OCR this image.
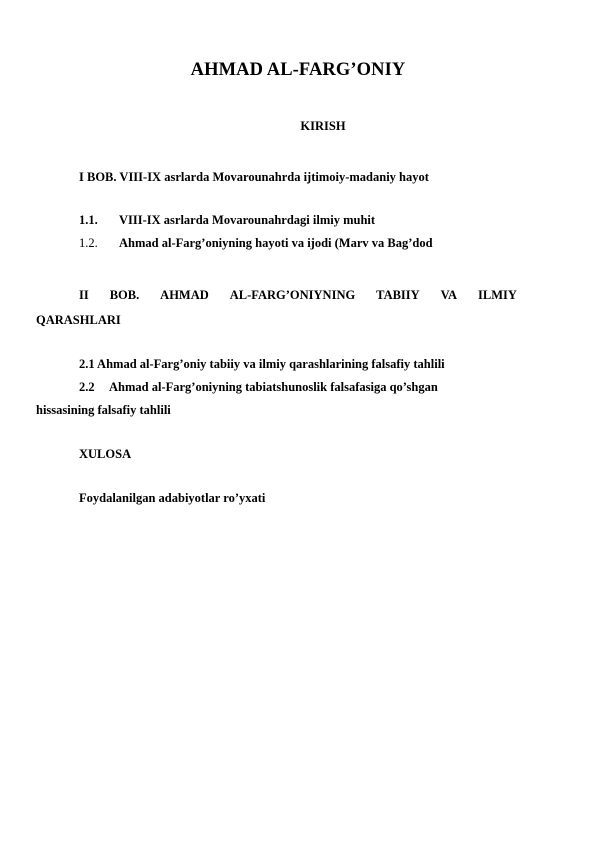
AHMAD AL-FARG’ONIY
KIRISH
I BOB. VIII-IX asrlarda Movarounahrda ijtimoiy-madaniy hayot
1.1. VIII-IX asrlarda Movarounahrdagi ilmiy muhit
1.2. Ahmad al-Farg’oniyning hayoti va ijodi (Marv va Bag’dod
II BOB. AHMAD AL-FARG’ONIYNING TABIIY VA ILMIY
QARASHLARI
2.1 Ahmad al-Farg’oniy tabiiy va ilmiy qarashlarining falsafiy tahlili
2.2 Ahmad al-Farg’oniyning tabiatshunoslik falsafasiga qo’shgan
hissasining falsafiy tahlili
XULOSA
Foydalanilgan adabiyotlar ro’yxati
